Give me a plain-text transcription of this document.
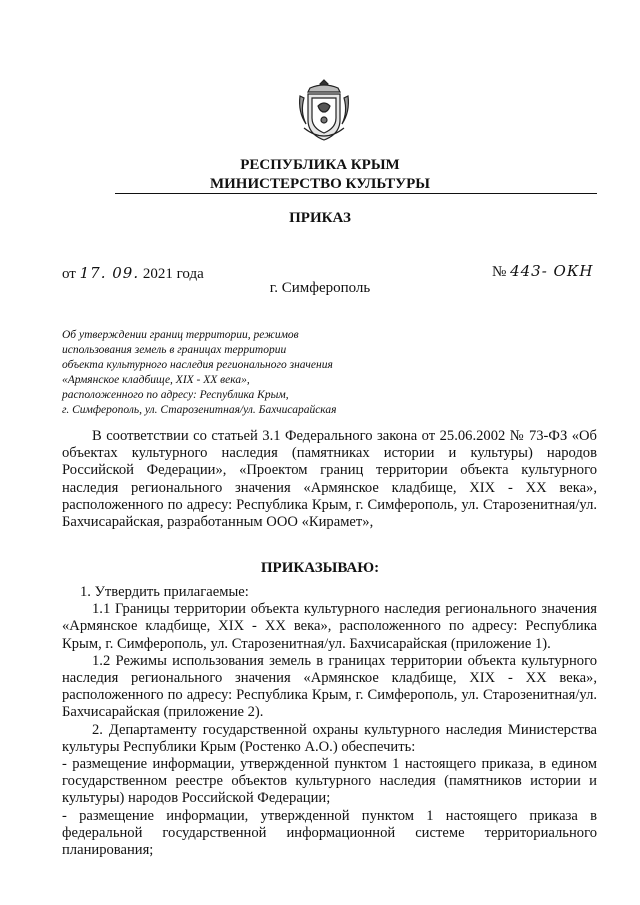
РЕСПУБЛИКА КРЫМ
МИНИСТЕРСТВО КУЛЬТУРЫ
ПРИКАЗ
от 17. 09. 2021 года	№ 443- ОКН
г. Симферополь
Об утверждении границ территории, режимов
использования земель в границах территории
объекта культурного наследия регионального значения
«Армянское кладбище, XIX - XX века»,
расположенного по адресу: Республика Крым,
г. Симферополь, ул. Старозенитная/ул. Бахчисарайская

В соответствии со статьей 3.1 Федерального закона от 25.06.2002 № 73-ФЗ «Об объектах культурного наследия (памятниках истории и культуры) народов Российской Федерации», «Проектом границ территории объекта культурного наследия регионального значения «Армянское кладбище, XIX - XX века», расположенного по адресу: Республика Крым, г. Симферополь, ул. Старозенитная/ул. Бахчисарайская, разработанным ООО «Кирамет»,

ПРИКАЗЫВАЮ:

1. Утвердить прилагаемые:

1.1 Границы территории объекта культурного наследия регионального значения «Армянское кладбище, XIX - XX века», расположенного по адресу: Республика Крым, г. Симферополь, ул. Старозенитная/ул. Бахчисарайская (приложение 1).

1.2 Режимы использования земель в границах территории объекта культурного наследия регионального значения «Армянское кладбище, XIX - XX века», расположенного по адресу: Республика Крым, г. Симферополь, ул. Старозенитная/ул. Бахчисарайская (приложение 2).

2. Департаменту государственной охраны культурного наследия Министерства культуры Республики Крым (Ростенко А.О.) обеспечить:

- размещение информации, утвержденной пунктом 1 настоящего приказа, в едином государственном реестре объектов культурного наследия (памятников истории и культуры) народов Российской Федерации;

- размещение информации, утвержденной пунктом 1 настоящего приказа в федеральной государственной информационной системе территориального планирования;
